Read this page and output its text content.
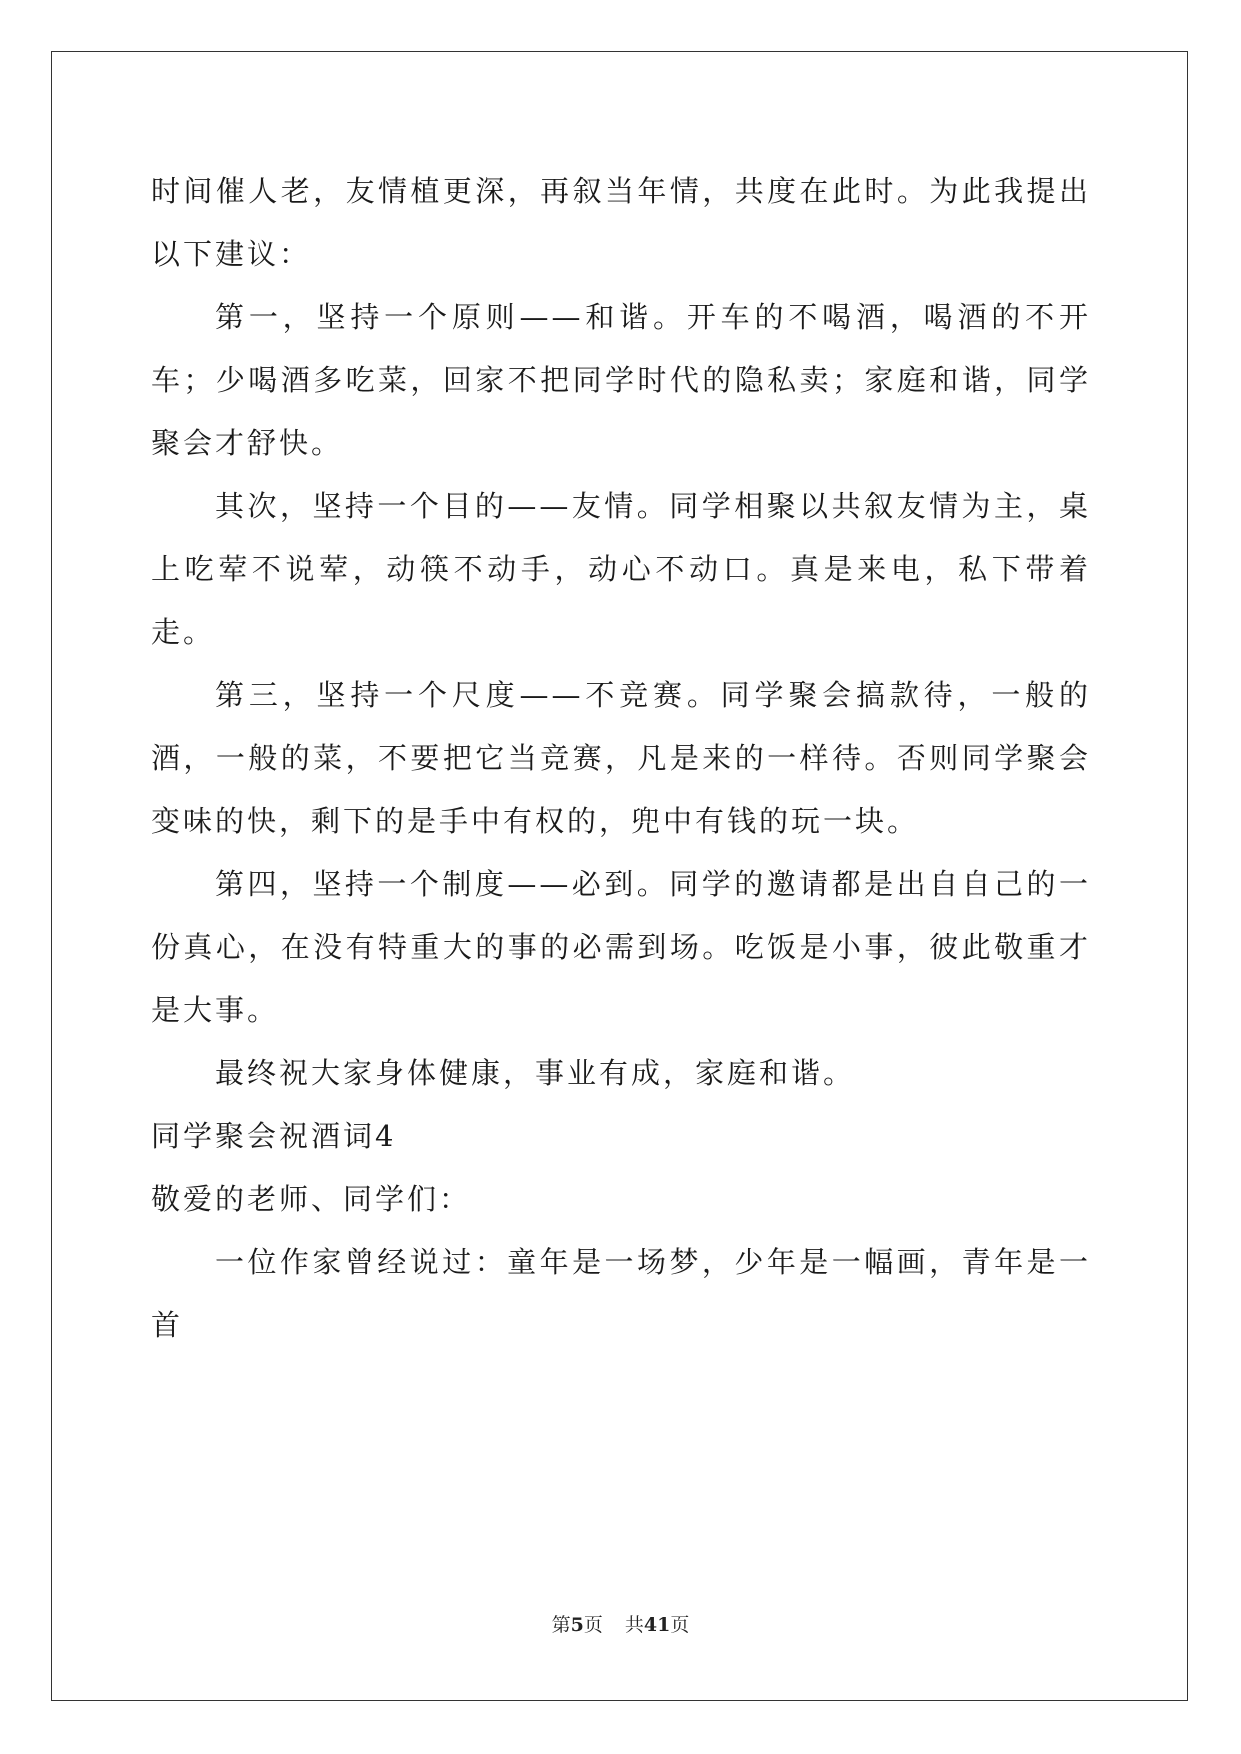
时间催人老，友情植更深，再叙当年情，共度在此时。为此我提出以下建议：

第一，坚持一个原则——和谐。开车的不喝酒，喝酒的不开车；少喝酒多吃菜，回家不把同学时代的隐私卖；家庭和谐，同学聚会才舒快。

其次，坚持一个目的——友情。同学相聚以共叙友情为主，桌上吃荤不说荤，动筷不动手，动心不动口。真是来电，私下带着走。

第三，坚持一个尺度——不竞赛。同学聚会搞款待，一般的酒，一般的菜，不要把它当竞赛，凡是来的一样待。否则同学聚会变味的快，剩下的是手中有权的，兜中有钱的玩一块。

第四，坚持一个制度——必到。同学的邀请都是出自自己的一份真心，在没有特重大的事的必需到场。吃饭是小事，彼此敬重才是大事。

最终祝大家身体健康，事业有成，家庭和谐。

同学聚会祝酒词4

敬爱的老师、同学们：

一位作家曾经说过：童年是一场梦，少年是一幅画，青年是一首

第5页 共41页
